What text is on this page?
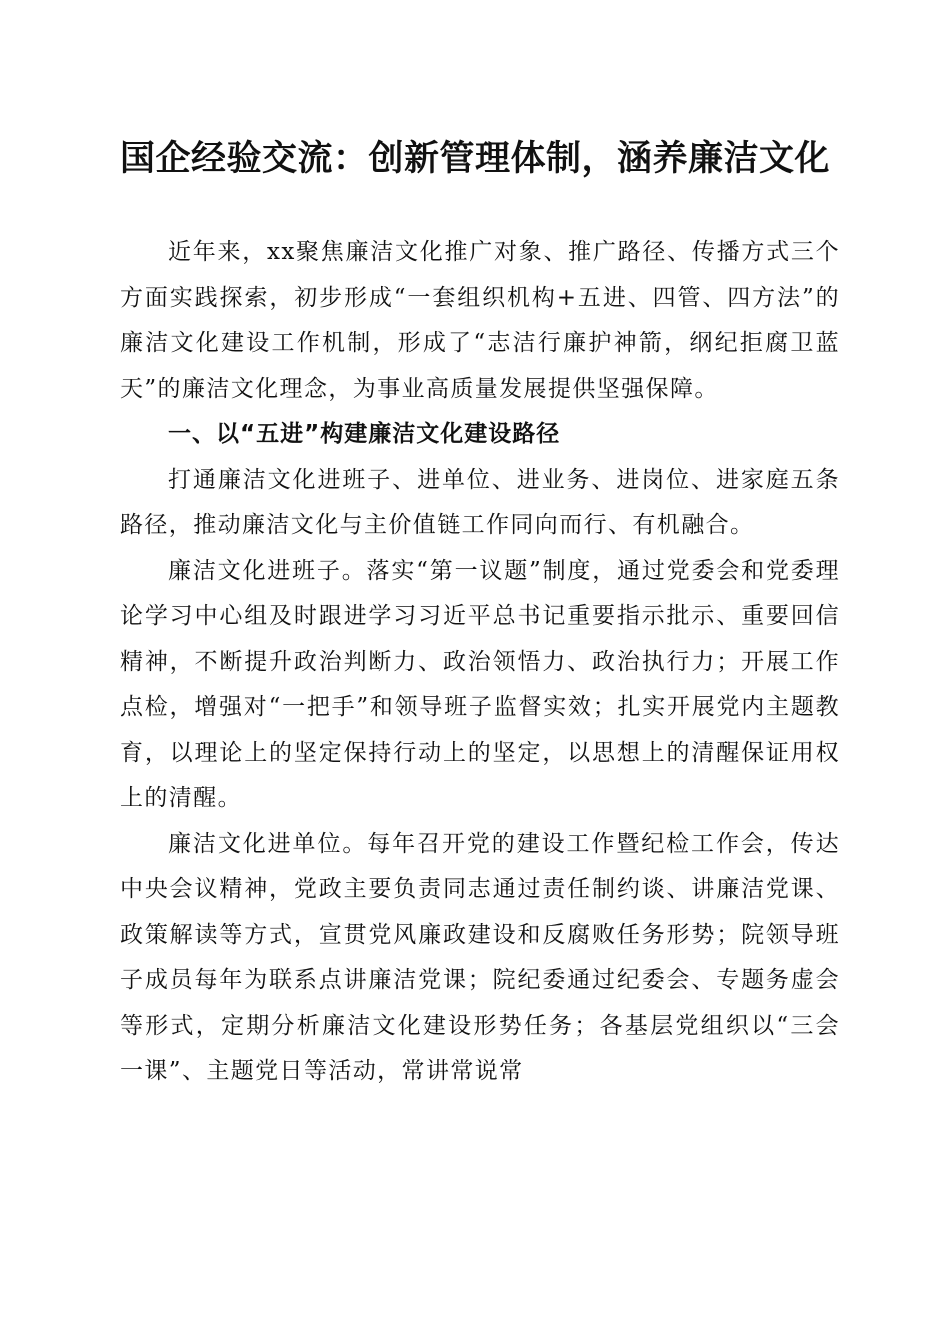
国企经验交流：创新管理体制，涵养廉洁文化

近年来，xx聚焦廉洁文化推广对象、推广路径、传播方式三个方面实践探索，初步形成“一套组织机构+五进、四管、四方法”的廉洁文化建设工作机制，形成了“志洁行廉护神箭，纲纪拒腐卫蓝天”的廉洁文化理念，为事业高质量发展提供坚强保障。

一、以“五进”构建廉洁文化建设路径

打通廉洁文化进班子、进单位、进业务、进岗位、进家庭五条路径，推动廉洁文化与主价值链工作同向而行、有机融合。

廉洁文化进班子。落实“第一议题”制度，通过党委会和党委理论学习中心组及时跟进学习习近平总书记重要指示批示、重要回信精神，不断提升政治判断力、政治领悟力、政治执行力；开展工作点检，增强对“一把手”和领导班子监督实效；扎实开展党内主题教育，以理论上的坚定保持行动上的坚定，以思想上的清醒保证用权上的清醒。

廉洁文化进单位。每年召开党的建设工作暨纪检工作会，传达中央会议精神，党政主要负责同志通过责任制约谈、讲廉洁党课、政策解读等方式，宣贯党风廉政建设和反腐败任务形势；院领导班子成员每年为联系点讲廉洁党课；院纪委通过纪委会、专题务虚会等形式，定期分析廉洁文化建设形势任务；各基层党组织以“三会一课”、主题党日等活动，常讲常说常
